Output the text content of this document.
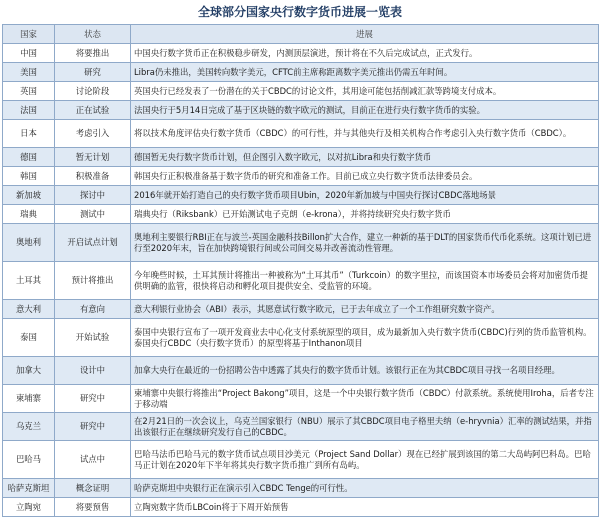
全球部分国家央行数字货币进展一览表
国家	状态	进展
中国	将要推出	中国央行数字货币正在积极稳步研发，内测顶层演进，预计将在不久后完成试点，正式发行。
美国	研究	Libra仍未推出，美国转向数字美元，CFTC前主席称距离数字美元推出仍需五年时间。
英国	讨论阶段	英国央行已经发表了一份潜在的关于CBDC的讨论文件，其用途可能包括削减汇款等跨境支付成本。
法国	正在试验	法国央行于5月14日完成了基于区块链的数字欧元的测试，目前正在进行央行数字货币的实验。
日本	考虑引入	将以技术角度评估央行数字货币（CBDC）的可行性，并与其他央行及相关机构合作考虑引入央行数字货币（CBDC）。
德国	暂无计划	德国暂无央行数字货币计划，但企图引入数字欧元，以对抗Libra和央行数字货币
韩国	积极准备	韩国央行正积极准备基于数字货币的研究和准备工作。目前已成立央行数字货币法律委员会。
新加坡	探讨中	2016年就开始打造自己的央行数字货币项目Ubin，2020年新加坡与中国央行探讨CBDC落地场景
瑞典	测试中	瑞典央行（Riksbank）已开始测试电子克朗（e-krona），并将持续研究央行数字货币
奥地利	开启试点计划	奥地利主要银行RBI正在与波兰-英国金融科技Billon扩大合作，建立一种新的基于DLT的国家货币代币化系统。这项计划已进行至2020年末，旨在加快跨境银行间或公司间交易并改善流动性管理。
土耳其	预计将推出	今年晚些时候，土耳其预计将推出一种被称为“土耳其币”（Turkcoin）的数字里拉，而该国资本市场委员会将对加密货币提供明确的监管，很快将启动和孵化项目提供安全、受监管的环境。
意大利	有意向	意大利银行业协会（ABI）表示，其愿意试行数字欧元，已于去年成立了一个工作组研究数字资产。
泰国	开始试验	泰国中央银行宣布了一项开发商业去中心化支付系统原型的项目，成为最新加入央行数字货币(CBDC)行列的货币监管机构。泰国央行CBDC（央行数字货币）的原型将基于Inthanon项目
加拿大	设计中	加拿大央行在最近的一份招聘公告中透露了其央行的数字货币计划。该银行正在为其CBDC项目寻找一名项目经理。
柬埔寨	研究中	柬埔寨中央银行将推出“Project Bakong”项目，这是一个中央银行数字货币（CBDC）付款系统。系统使用Iroha，后者专注于移动端
乌克兰	研究中	在2月21日的一次会议上，乌克兰国家银行（NBU）展示了其CBDC项目电子格里夫纳（e-hryvnia）汇率的测试结果，并指出该银行正在继续研究发行自己的CBDC。
巴哈马	试点中	巴哈马法币巴哈马元的数字货币试点项目沙美元（Project Sand Dollar）现在已经扩展到该国的第二大岛屿阿巴科岛。巴哈马正计划在2020年下半年将其央行数字货币推广到所有岛屿。
哈萨克斯坦	概念证明	哈萨克斯坦中央银行正在演示引入CBDC Tenge的可行性。
立陶宛	将要预售	立陶宛数字货币LBCoin将于下周开始预售
